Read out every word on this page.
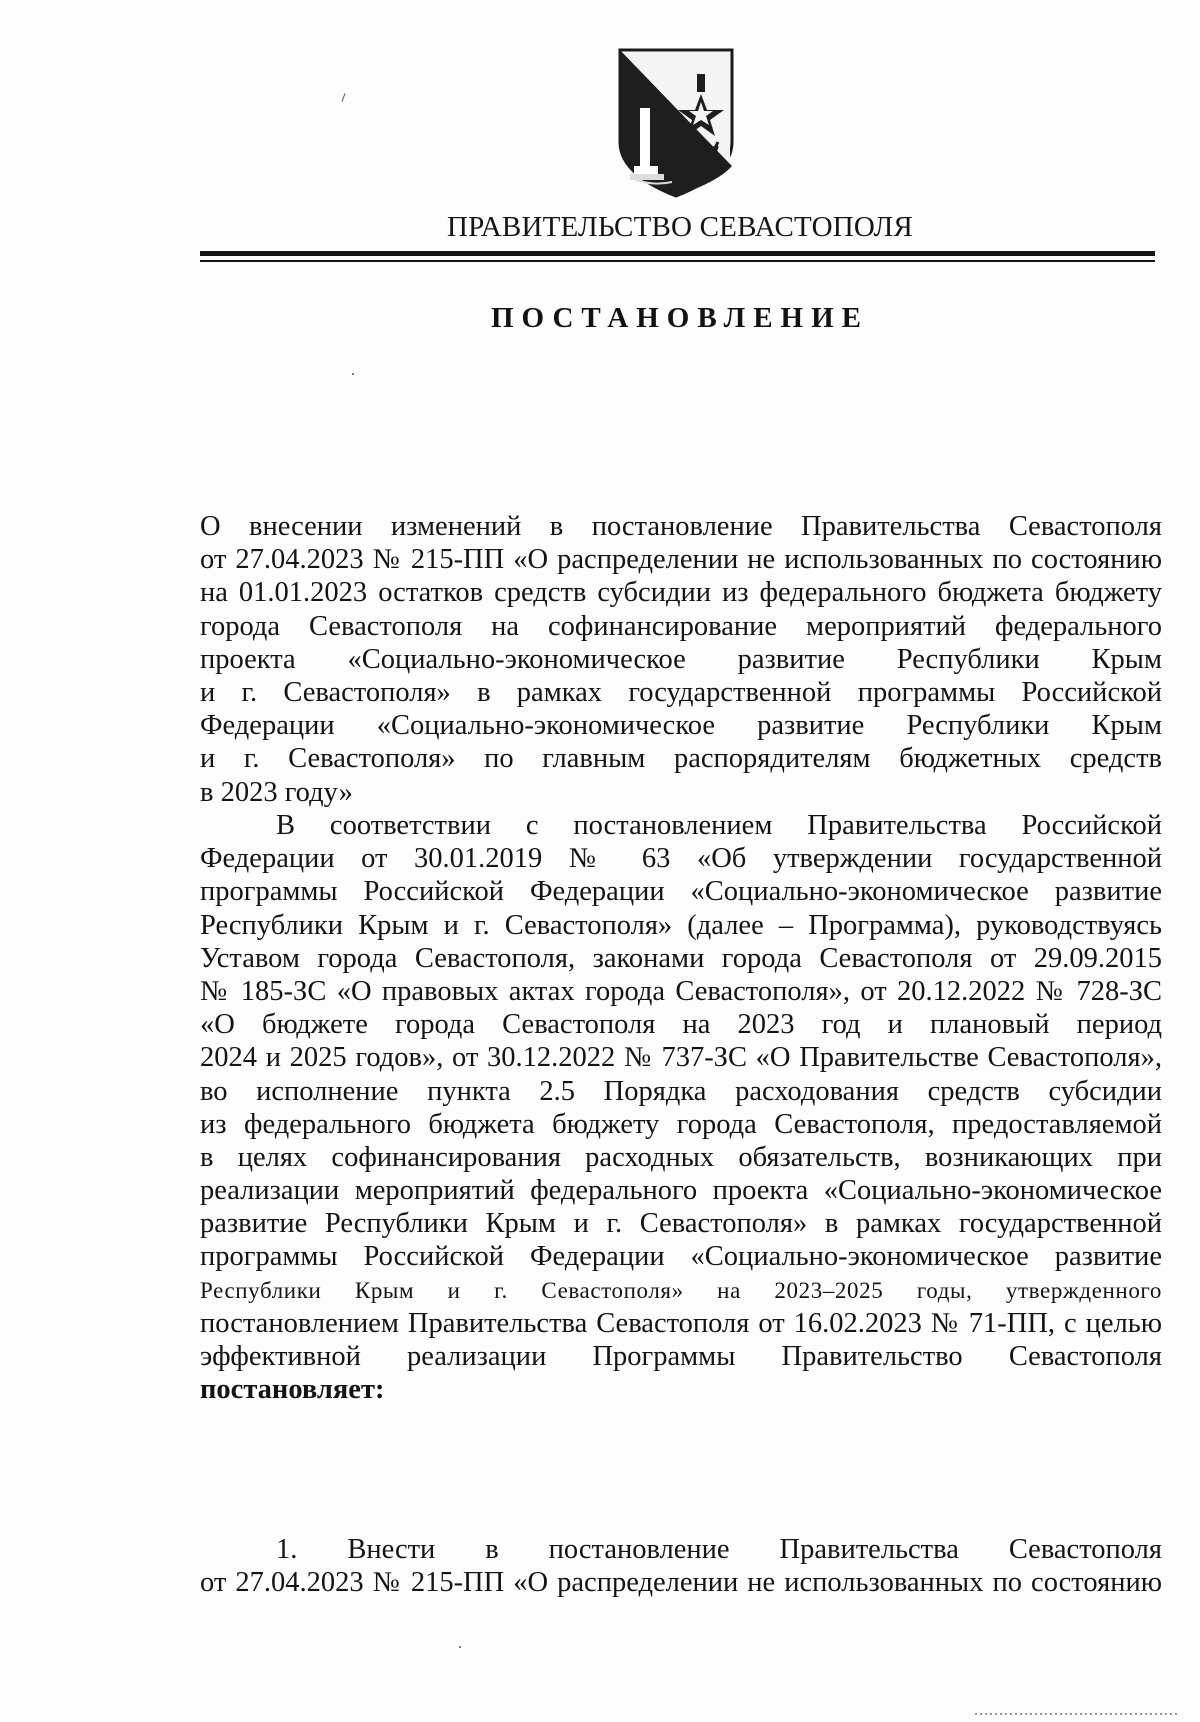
ПРАВИТЕЛЬСТВО СЕВАСТОПОЛЯ
ПОСТАНОВЛЕНИЕ
О внесении изменений в постановление Правительства Севастополя
от 27.04.2023 № 215-ПП «О распределении не использованных по состоянию
на 01.01.2023 остатков средств субсидии из федерального бюджета бюджету
города Севастополя на софинансирование мероприятий федерального
проекта «Социально-экономическое развитие Республики Крым
и г. Севастополя» в рамках государственной программы Российской
Федерации «Социально-экономическое развитие Республики Крым
и г. Севастополя» по главным распорядителям бюджетных средств
в 2023 году»
В соответствии с постановлением Правительства Российской
Федерации от 30.01.2019 № 63 «Об утверждении государственной
программы Российской Федерации «Социально-экономическое развитие
Республики Крым и г. Севастополя» (далее – Программа), руководствуясь
Уставом города Севастополя, законами города Севастополя от 29.09.2015
№ 185-ЗС «О правовых актах города Севастополя», от 20.12.2022 № 728-ЗС
«О бюджете города Севастополя на 2023 год и плановый период
2024 и 2025 годов», от 30.12.2022 № 737-ЗС «О Правительстве Севастополя»,
во исполнение пункта 2.5 Порядка расходования средств субсидии
из федерального бюджета бюджету города Севастополя, предоставляемой
в целях софинансирования расходных обязательств, возникающих при
реализации мероприятий федерального проекта «Социально-экономическое
развитие Республики Крым и г. Севастополя» в рамках государственной
программы Российской Федерации «Социально-экономическое развитие
Республики Крым и г. Севастополя» на 2023–2025 годы, утвержденного
постановлением Правительства Севастополя от 16.02.2023 № 71-ПП, с целью
эффективной реализации Программы Правительство Севастополя
постановляет:
1. Внести в постановление Правительства Севастополя
от 27.04.2023 № 215-ПП «О распределении не использованных по состоянию
